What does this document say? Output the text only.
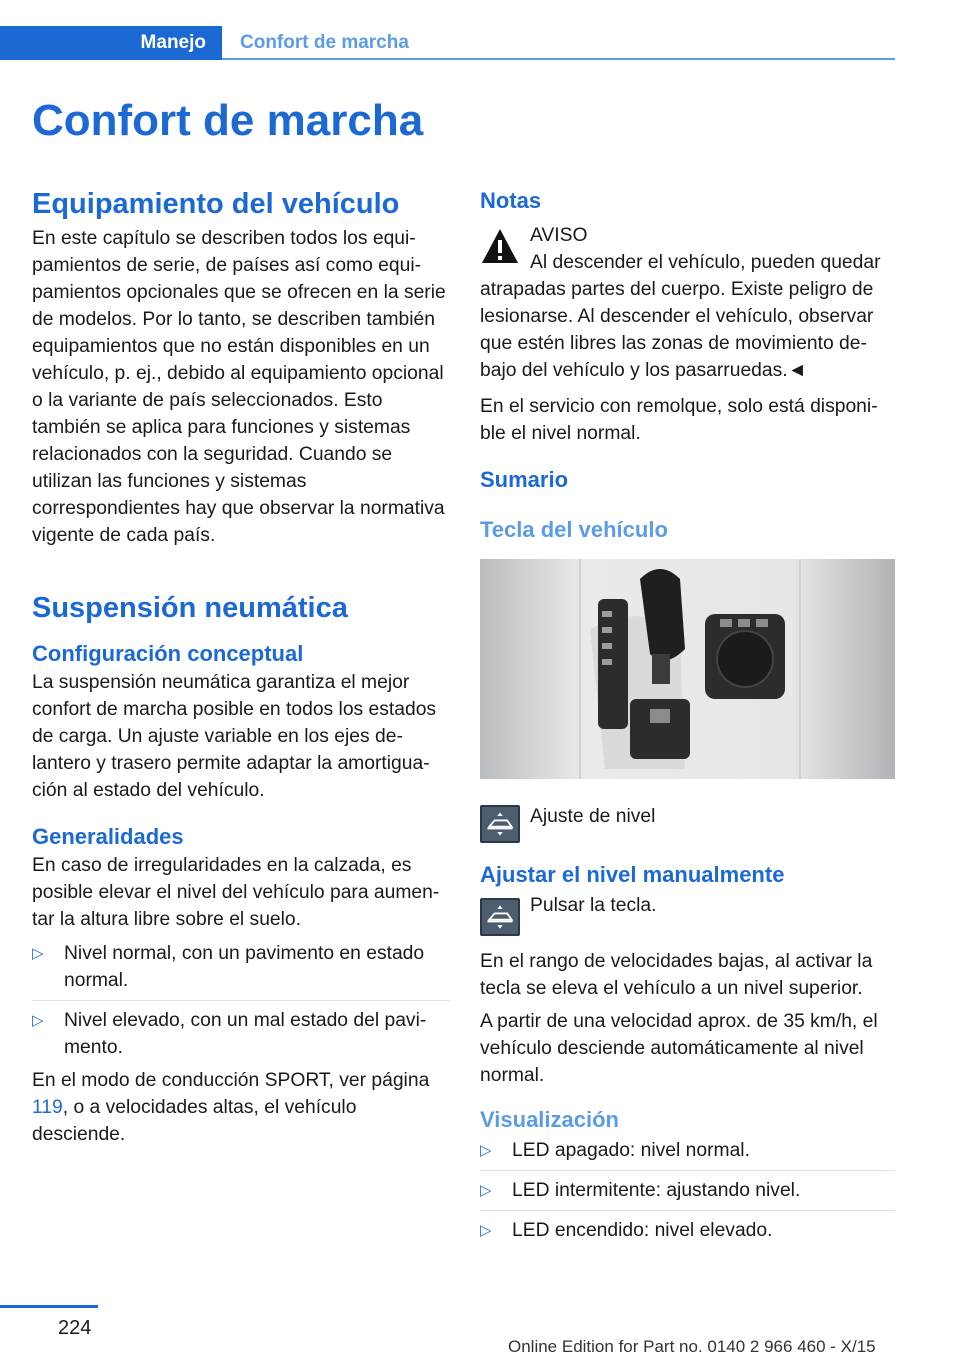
Manejo	Confort de marcha
Confort de marcha
Equipamiento del vehículo

En este capítulo se describen todos los equipamientos de serie, de países así como equipamientos opcionales que se ofrecen en la serie de modelos. Por lo tanto, se describen también equipamientos que no están disponibles en un vehículo, p. ej., debido al equipamiento opcional o la variante de país seleccionados. Esto también se aplica para funciones y sistemas relacionados con la seguridad. Cuando se utilizan las funciones y sistemas correspondientes hay que observar la normativa vigente de cada país.

Suspensión neumática
Configuración conceptual

La suspensión neumática garantiza el mejor confort de marcha posible en todos los estados de carga. Un ajuste variable en los ejes delantero y trasero permite adaptar la amortiguación al estado del vehículo.

Generalidades

En caso de irregularidades en la calzada, es posible elevar el nivel del vehículo para aumentar la altura libre sobre el suelo.

▷ Nivel normal, con un pavimento en estado normal.
▷ Nivel elevado, con un mal estado del pavimento.

En el modo de conducción SPORT, ver página 119, o a velocidades altas, el vehículo desciende.

Notas

AVISO

Al descender el vehículo, pueden quedar

atrapadas partes del cuerpo. Existe peligro de lesionarse. Al descender el vehículo, observar que estén libres las zonas de movimiento debajo del vehículo y los pasarruedas.◄

En el servicio con remolque, solo está disponible el nivel normal.

Sumario
Tecla del vehículo

Ajuste de nivel

Ajustar el nivel manualmente

Pulsar la tecla.

En el rango de velocidades bajas, al activar la tecla se eleva el vehículo a un nivel superior.

A partir de una velocidad aprox. de 35 km/h, el vehículo desciende automáticamente al nivel normal.

Visualización
▷ LED apagado: nivel normal.
▷ LED intermitente: ajustando nivel.
▷ LED encendido: nivel elevado.
224
Online Edition for Part no. 0140 2 966 460 - X/15
